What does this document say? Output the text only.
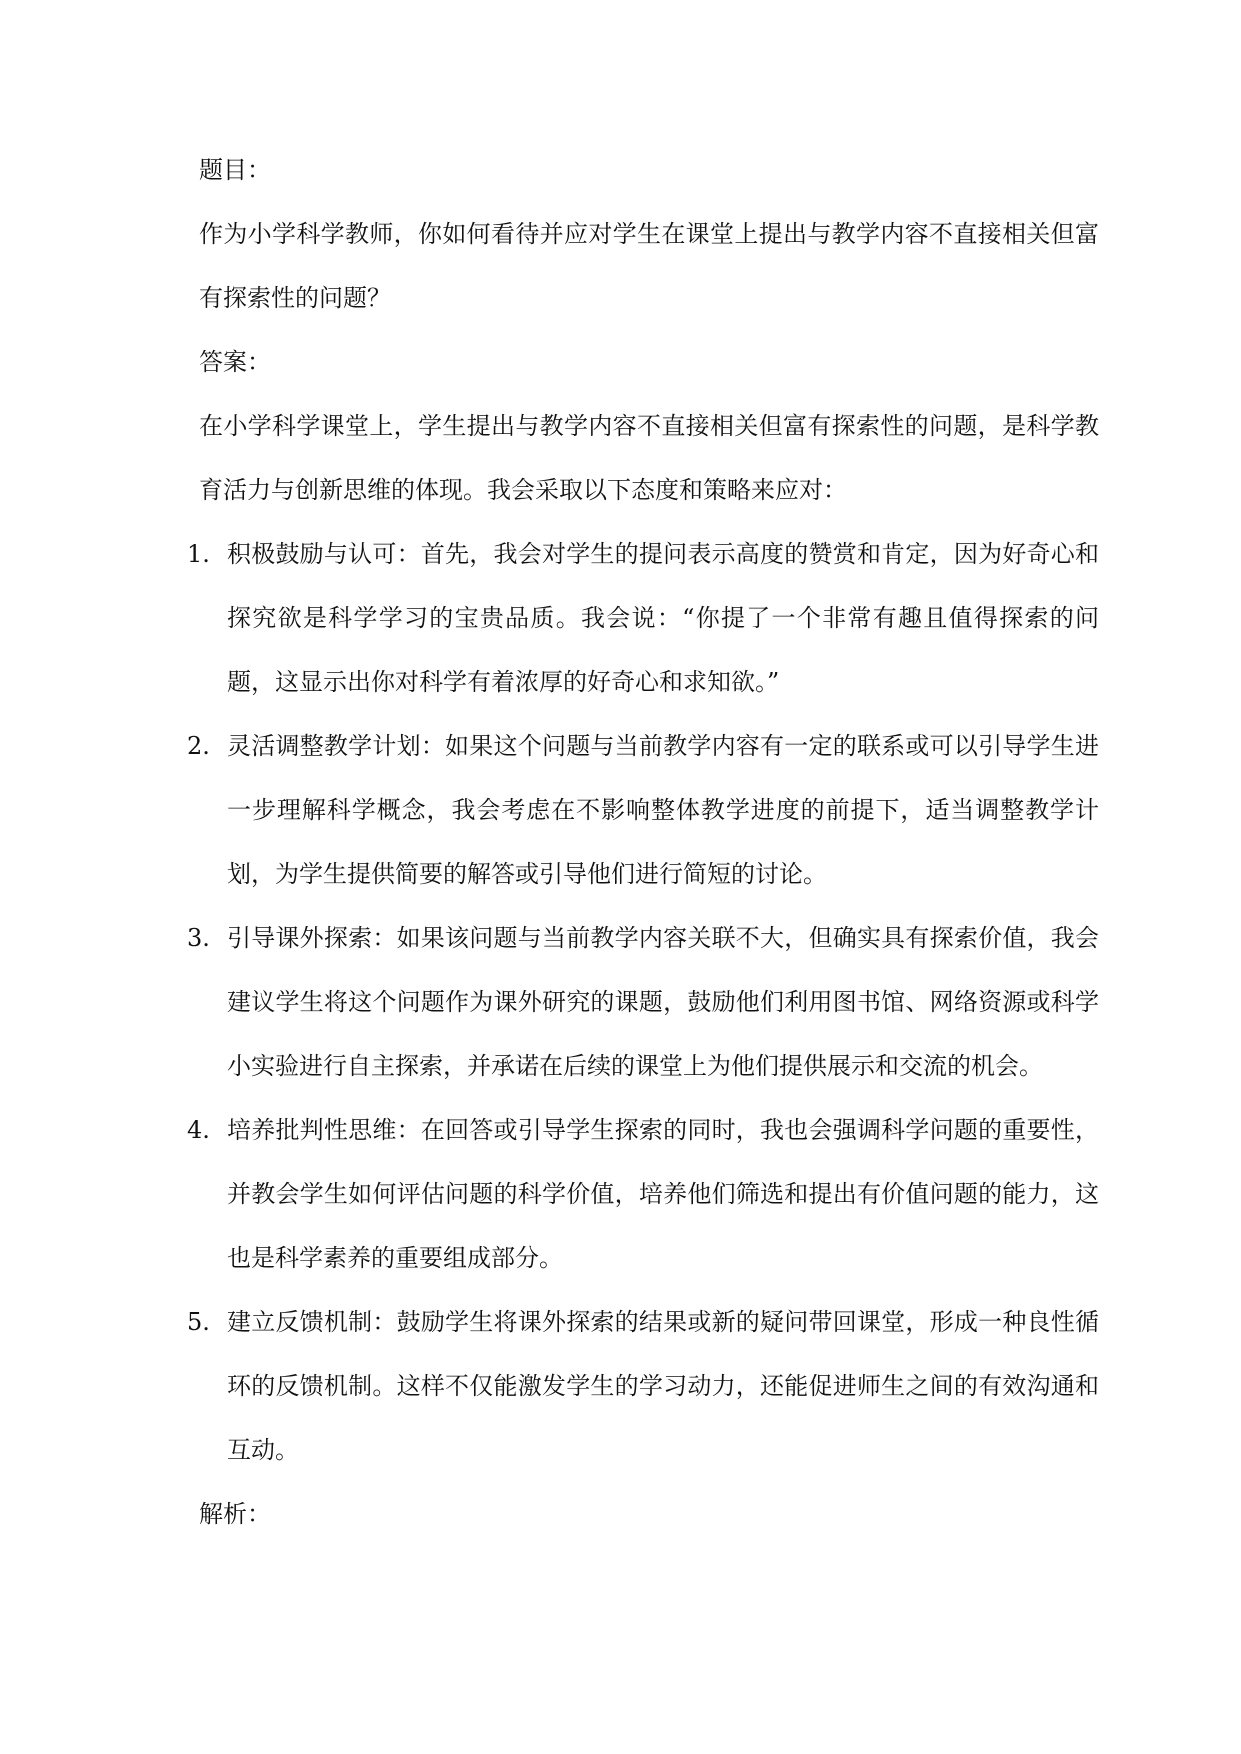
题目：

作为小学科学教师，你如何看待并应对学生在课堂上提出与教学内容不直接相关但富有探索性的问题？

答案：

在小学科学课堂上，学生提出与教学内容不直接相关但富有探索性的问题，是科学教育活力与创新思维的体现。我会采取以下态度和策略来应对：

1. 积极鼓励与认可：首先，我会对学生的提问表示高度的赞赏和肯定，因为好奇心和探究欲是科学学习的宝贵品质。我会说：“你提了一个非常有趣且值得探索的问题，这显示出你对科学有着浓厚的好奇心和求知欲。”
2. 灵活调整教学计划：如果这个问题与当前教学内容有一定的联系或可以引导学生进一步理解科学概念，我会考虑在不影响整体教学进度的前提下，适当调整教学计划，为学生提供简要的解答或引导他们进行简短的讨论。
3. 引导课外探索：如果该问题与当前教学内容关联不大，但确实具有探索价值，我会建议学生将这个问题作为课外研究的课题，鼓励他们利用图书馆、网络资源或科学小实验进行自主探索，并承诺在后续的课堂上为他们提供展示和交流的机会。
4. 培养批判性思维：在回答或引导学生探索的同时，我也会强调科学问题的重要性，并教会学生如何评估问题的科学价值，培养他们筛选和提出有价值问题的能力，这也是科学素养的重要组成部分。
5. 建立反馈机制：鼓励学生将课外探索的结果或新的疑问带回课堂，形成一种良性循环的反馈机制。这样不仅能激发学生的学习动力，还能促进师生之间的有效沟通和互动。

解析：
